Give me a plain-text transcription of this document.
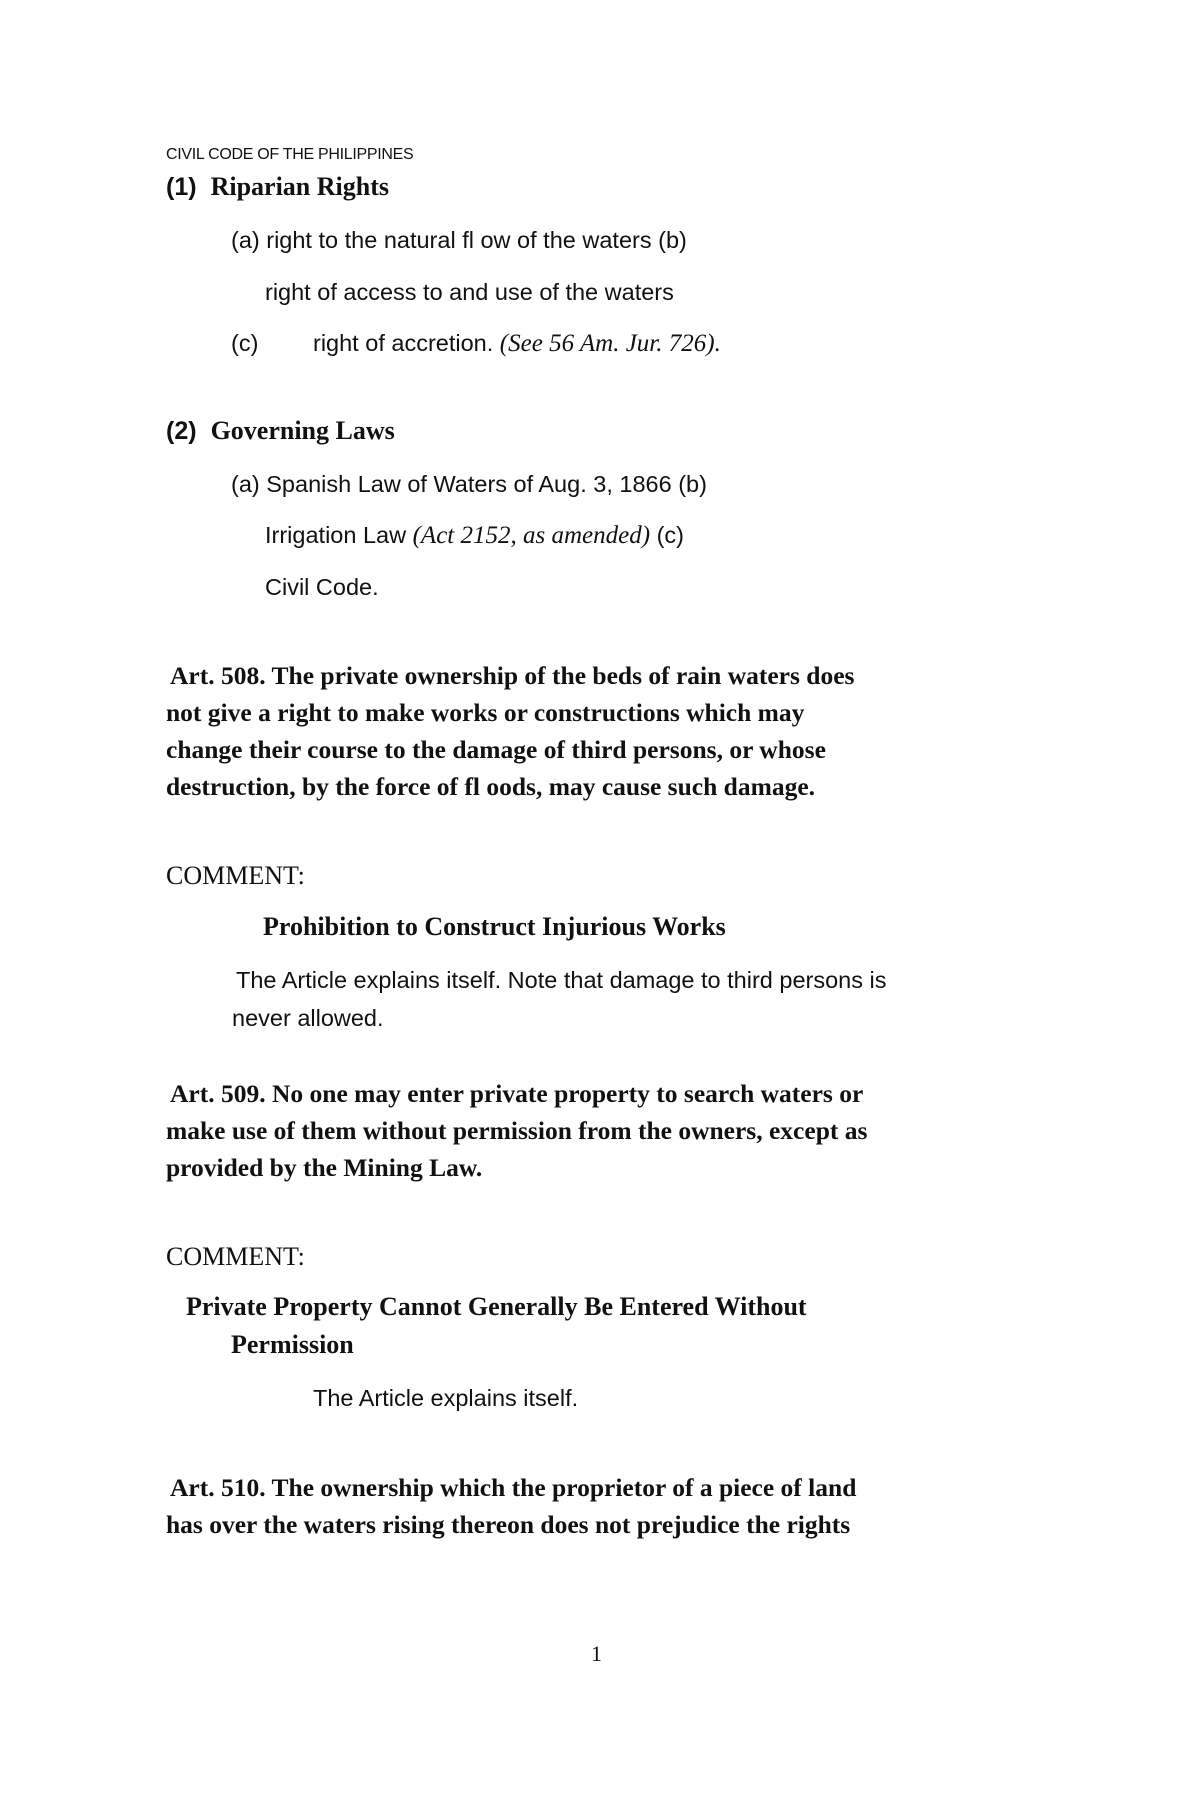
CIVIL CODE OF THE PHILIPPINES
(1) Riparian Rights
(a) right to the natural fl ow of the waters (b)
right of access to and use of the waters
(c) right of accretion. (See 56 Am. Jur. 726).
(2) Governing Laws
(a) Spanish Law of Waters of Aug. 3, 1866 (b)
Irrigation Law (Act 2152, as amended) (c)
Civil Code.
Art. 508. The private ownership of the beds of rain waters does
not give a right to make works or constructions which may
change their course to the damage of third persons, or whose
destruction, by the force of fl oods, may cause such damage.
COMMENT:
Prohibition to Construct Injurious Works
The Article explains itself. Note that damage to third persons is
never allowed.
Art. 509. No one may enter private property to search waters or
make use of them without permission from the owners, except as
provided by the Mining Law.
COMMENT:
Private Property Cannot Generally Be Entered Without
Permission
The Article explains itself.
Art. 510. The ownership which the proprietor of a piece of land
has over the waters rising thereon does not prejudice the rights
1
